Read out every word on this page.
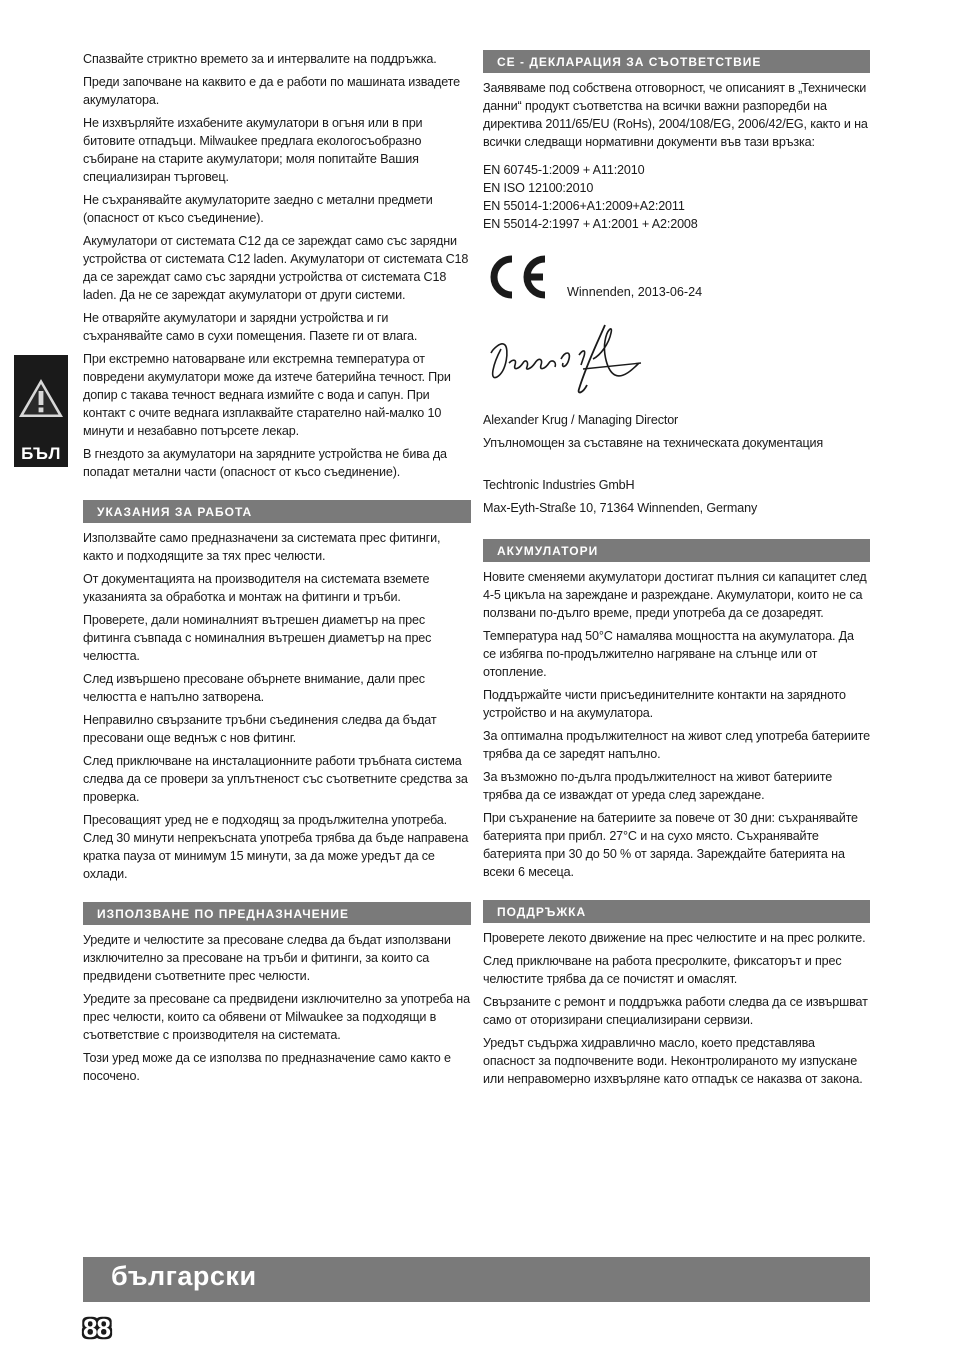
БЪЛ

Спазвайте стриктно времето за и интервалите на поддръжка.

Преди започване на каквито е да е работи по машината извадете акумулатора.

Не изхвърляйте изхабените акумулатори в огъня или в при битовите отпадъци. Milwaukee предлага екологосъобразно събиране на старите акумулатори; моля попитайте Вашия специализиран търговец.

Не съхранявайте акумулаторите заедно с метални предмети (опасност от късо съединение).

Акумулатори от системата C12 да се зареждат само със зарядни устройства от системата C12 laden. Акумулатори от системата C18 да се зареждат само със зарядни устройства от системата C18 laden. Да не се зареждат акумулатори от други системи.

Не отваряйте акумулатори и зарядни устройства и ги съхранявайте само в сухи помещения. Пазете ги от влага.

При екстремно натоварване или екстремна температура от повредени акумулатори може да изтече батерийна течност. При допир с такава течност веднага измийте с вода и сапун. При контакт с очите веднага изплаквайте старателно най-малко 10 минути и незабавно потърсете лекар.

В гнездото за акумулатори на зарядните устройства не бива да попадат метални части (опасност от късо съединение).

УКАЗАНИЯ ЗА РАБОТА

Използвайте само предназначени за системата прес фитинги, както и подходящите за тях прес челюсти.

От документацията на производителя на системата вземете указанията за обработка и монтаж на фитинги и тръби.

Проверете, дали номиналният вътрешен диаметър на прес фитинга съвпада с номиналния вътрешен диаметър на прес челюстта.

След извършено пресоване обърнете внимание, дали прес челюстта е напълно затворена.

Неправилно свързаните тръбни съединения следва да бъдат пресовани още веднъж с нов фитинг.

След приключване на инсталационните работи тръбната система следва да се провери за уплътненост със съответните средства за проверка.

Пресоващият уред не е подходящ за продължителна употреба. След 30 минути непрекъсната употреба трябва да бъде направена кратка пауза от минимум 15 минути, за да може уредът да се охлади.

ИЗПОЛЗВАНЕ ПО ПРЕДНАЗНАЧЕНИЕ

Уредите и челюстите за пресоване следва да бъдат използвани изключително за пресоване на тръби и фитинги, за които са предвидени съответните прес челюсти.

Уредите за пресоване са предвидени изключително за употреба на прес челюсти, които са обявени от Milwaukee за подходящи в съответствие с производителя на системата.

Този уред може да се използва по предназначение само както е посочено.

CE - ДЕКЛАРАЦИЯ ЗА СЪОТВЕТСТВИЕ

Заявяваме под собствена отговорност, че описаният в „Технически данни“ продукт съответства на всички важни разпоредби на директива 2011/65/EU (RoHs), 2004/108/EG, 2006/42/EG, както и на всички следващи нормативни документи във тази връзка:

EN 60745-1:2009 + A11:2010

EN ISO 12100:2010

EN 55014-1:2006+A1:2009+A2:2011

EN 55014-2:1997 + A1:2001 + A2:2008

Winnenden, 2013-06-24

Alexander Krug / Managing Director

Упълномощен за съставяне на техническата документация

Techtronic Industries GmbH

Max-Eyth-Straße 10, 71364 Winnenden, Germany

АКУМУЛАТОРИ

Новите сменяеми акумулатори достигат пълния си капацитет след 4-5 цикъла на зареждане и разреждане. Акумулатори, които не са ползвани по-дълго време, преди употреба да се дозаредят.

Температура над 50°C намалява мощността на акумулатора. Да се избягва по-продължително нагряване на слънце или от отопление.

Поддържайте чисти присъединителните контакти на зарядното устройство и на акумулатора.

За оптимална продължителност на живот след употреба батериите трябва да се заредят напълно.

За възможно по-дълга продължителност на живот батериите трябва да се изваждат от уреда след зареждане.

При съхранение на батериите за повече от 30 дни: съхранявайте батерията при прибл. 27°C и на сухо място. Съхранявайте батерията при 30 до 50 % от заряда. Зареждайте батерията на всеки 6 месеца.

ПОДДРЪЖКА

Проверете лекото движение на прес челюстите и на прес ролките.

След приключване на работа пресролките, фиксаторът и прес челюстите трябва да се почистят и омаслят.

Свързаните с ремонт и поддръжка работи следва да се извършват само от оторизирани специализирани сервизи.

Уредът съдържа хидравлично масло, което представлява опасност за подпочвените води. Неконтролираното му изпускане или неправомерно изхвърляне като отпадък се наказва от закона.

български
88
